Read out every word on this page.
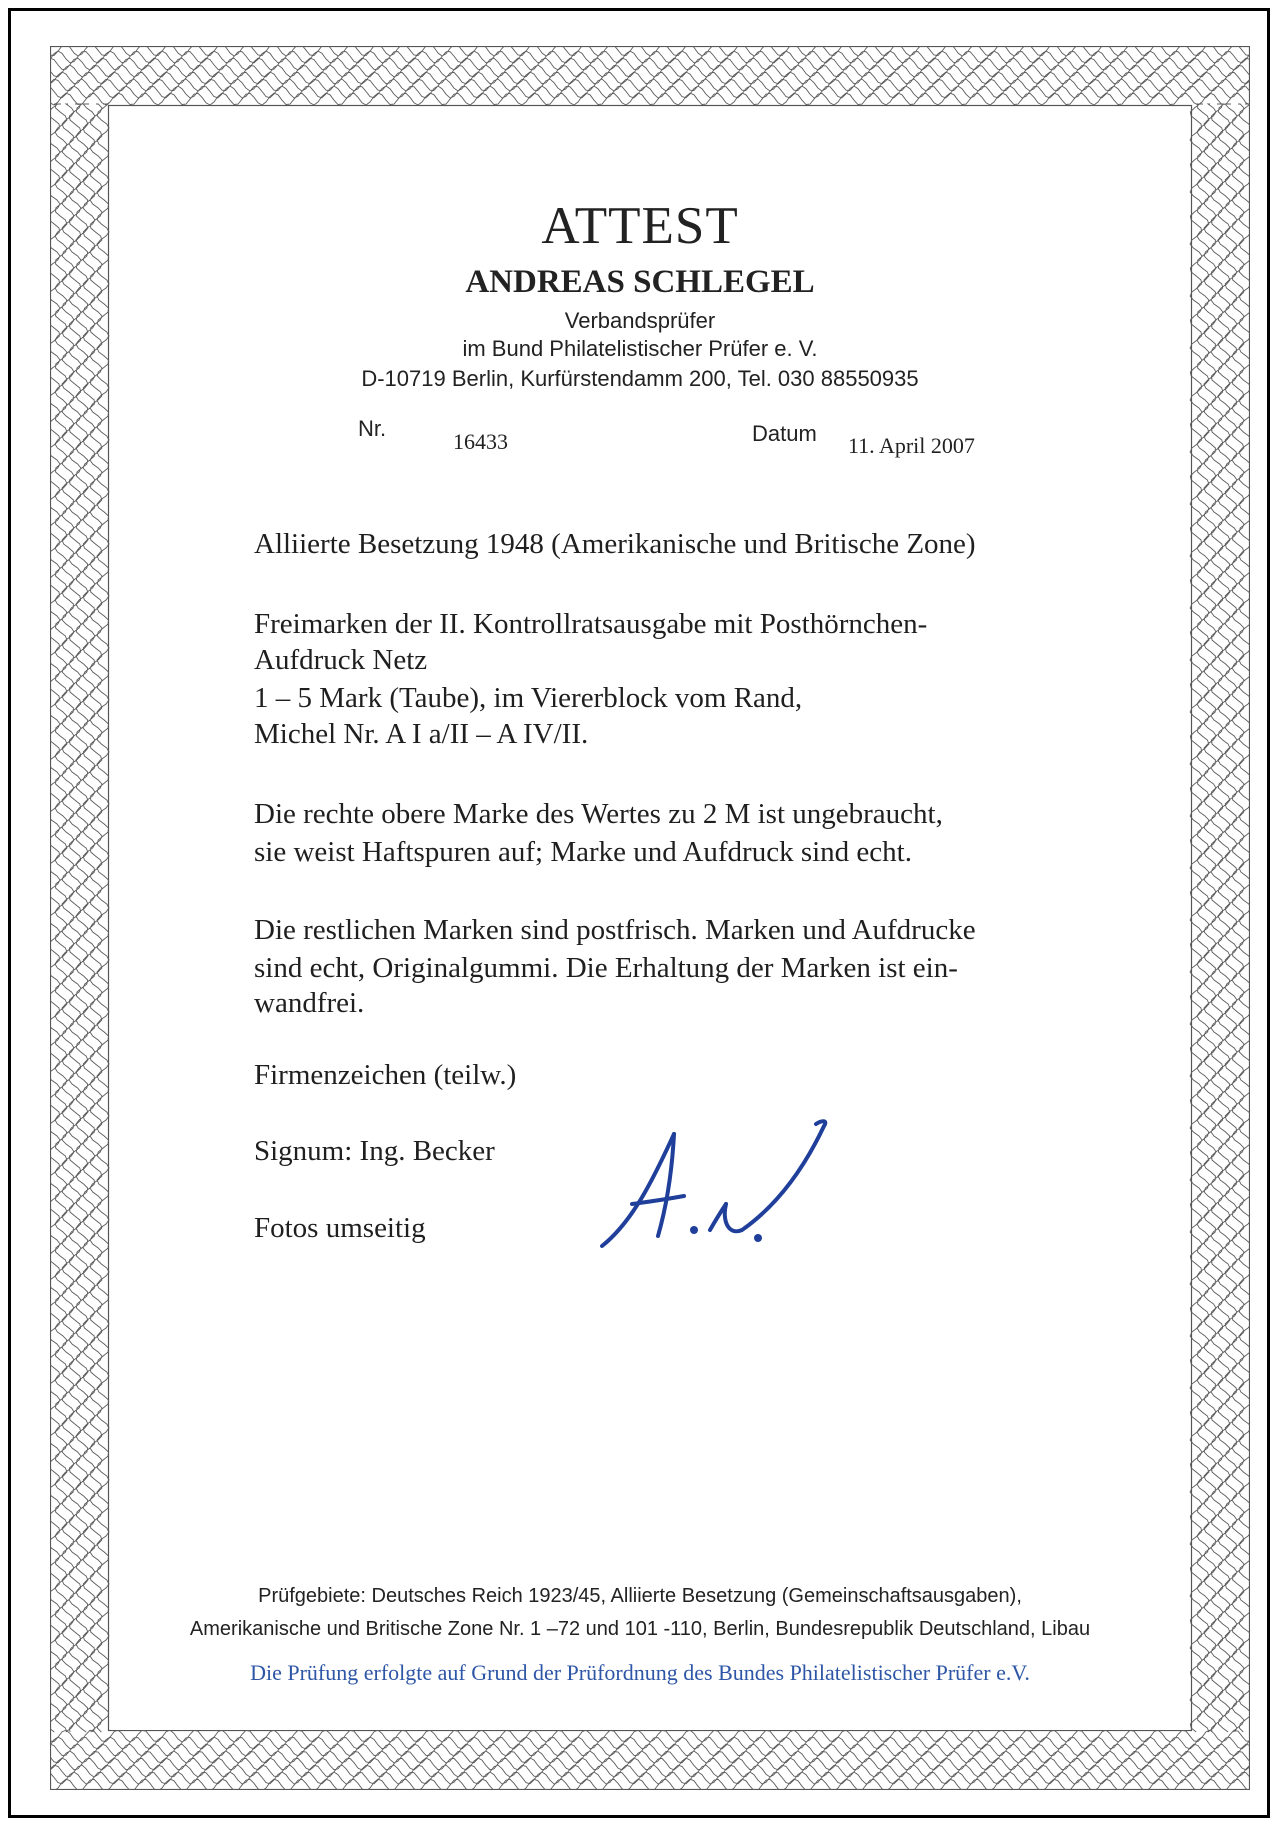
ATTEST
ANDREAS SCHLEGEL
Verbandsprüfer
im Bund Philatelistischer Prüfer e. V.
D-10719 Berlin, Kurfürstendamm 200, Tel. 030 88550935
Nr.
16433	Datum 11. April 2007
Alliierte Besetzung 1948 (Amerikanische und Britische Zone)
Freimarken der II. Kontrollratsausgabe mit Posthörnchen-
Aufdruck Netz
1 – 5 Mark (Taube), im Viererblock vom Rand,
Michel Nr. A I a/II – A IV/II.
Die rechte obere Marke des Wertes zu 2 M ist ungebraucht,
sie weist Haftspuren auf; Marke und Aufdruck sind echt.
Die restlichen Marken sind postfrisch. Marken und Aufdrucke
sind echt, Originalgummi. Die Erhaltung der Marken ist ein-
wandfrei.
Firmenzeichen (teilw.)
Signum: Ing. Becker
Fotos umseitig
Prüfgebiete: Deutsches Reich 1923/45, Alliierte Besetzung (Gemeinschaftsausgaben),
Amerikanische und Britische Zone Nr. 1 –72 und 101 -110, Berlin, Bundesrepublik Deutschland, Libau
Die Prüfung erfolgte auf Grund der Prüfordnung des Bundes Philatelistischer Prüfer e.V.
